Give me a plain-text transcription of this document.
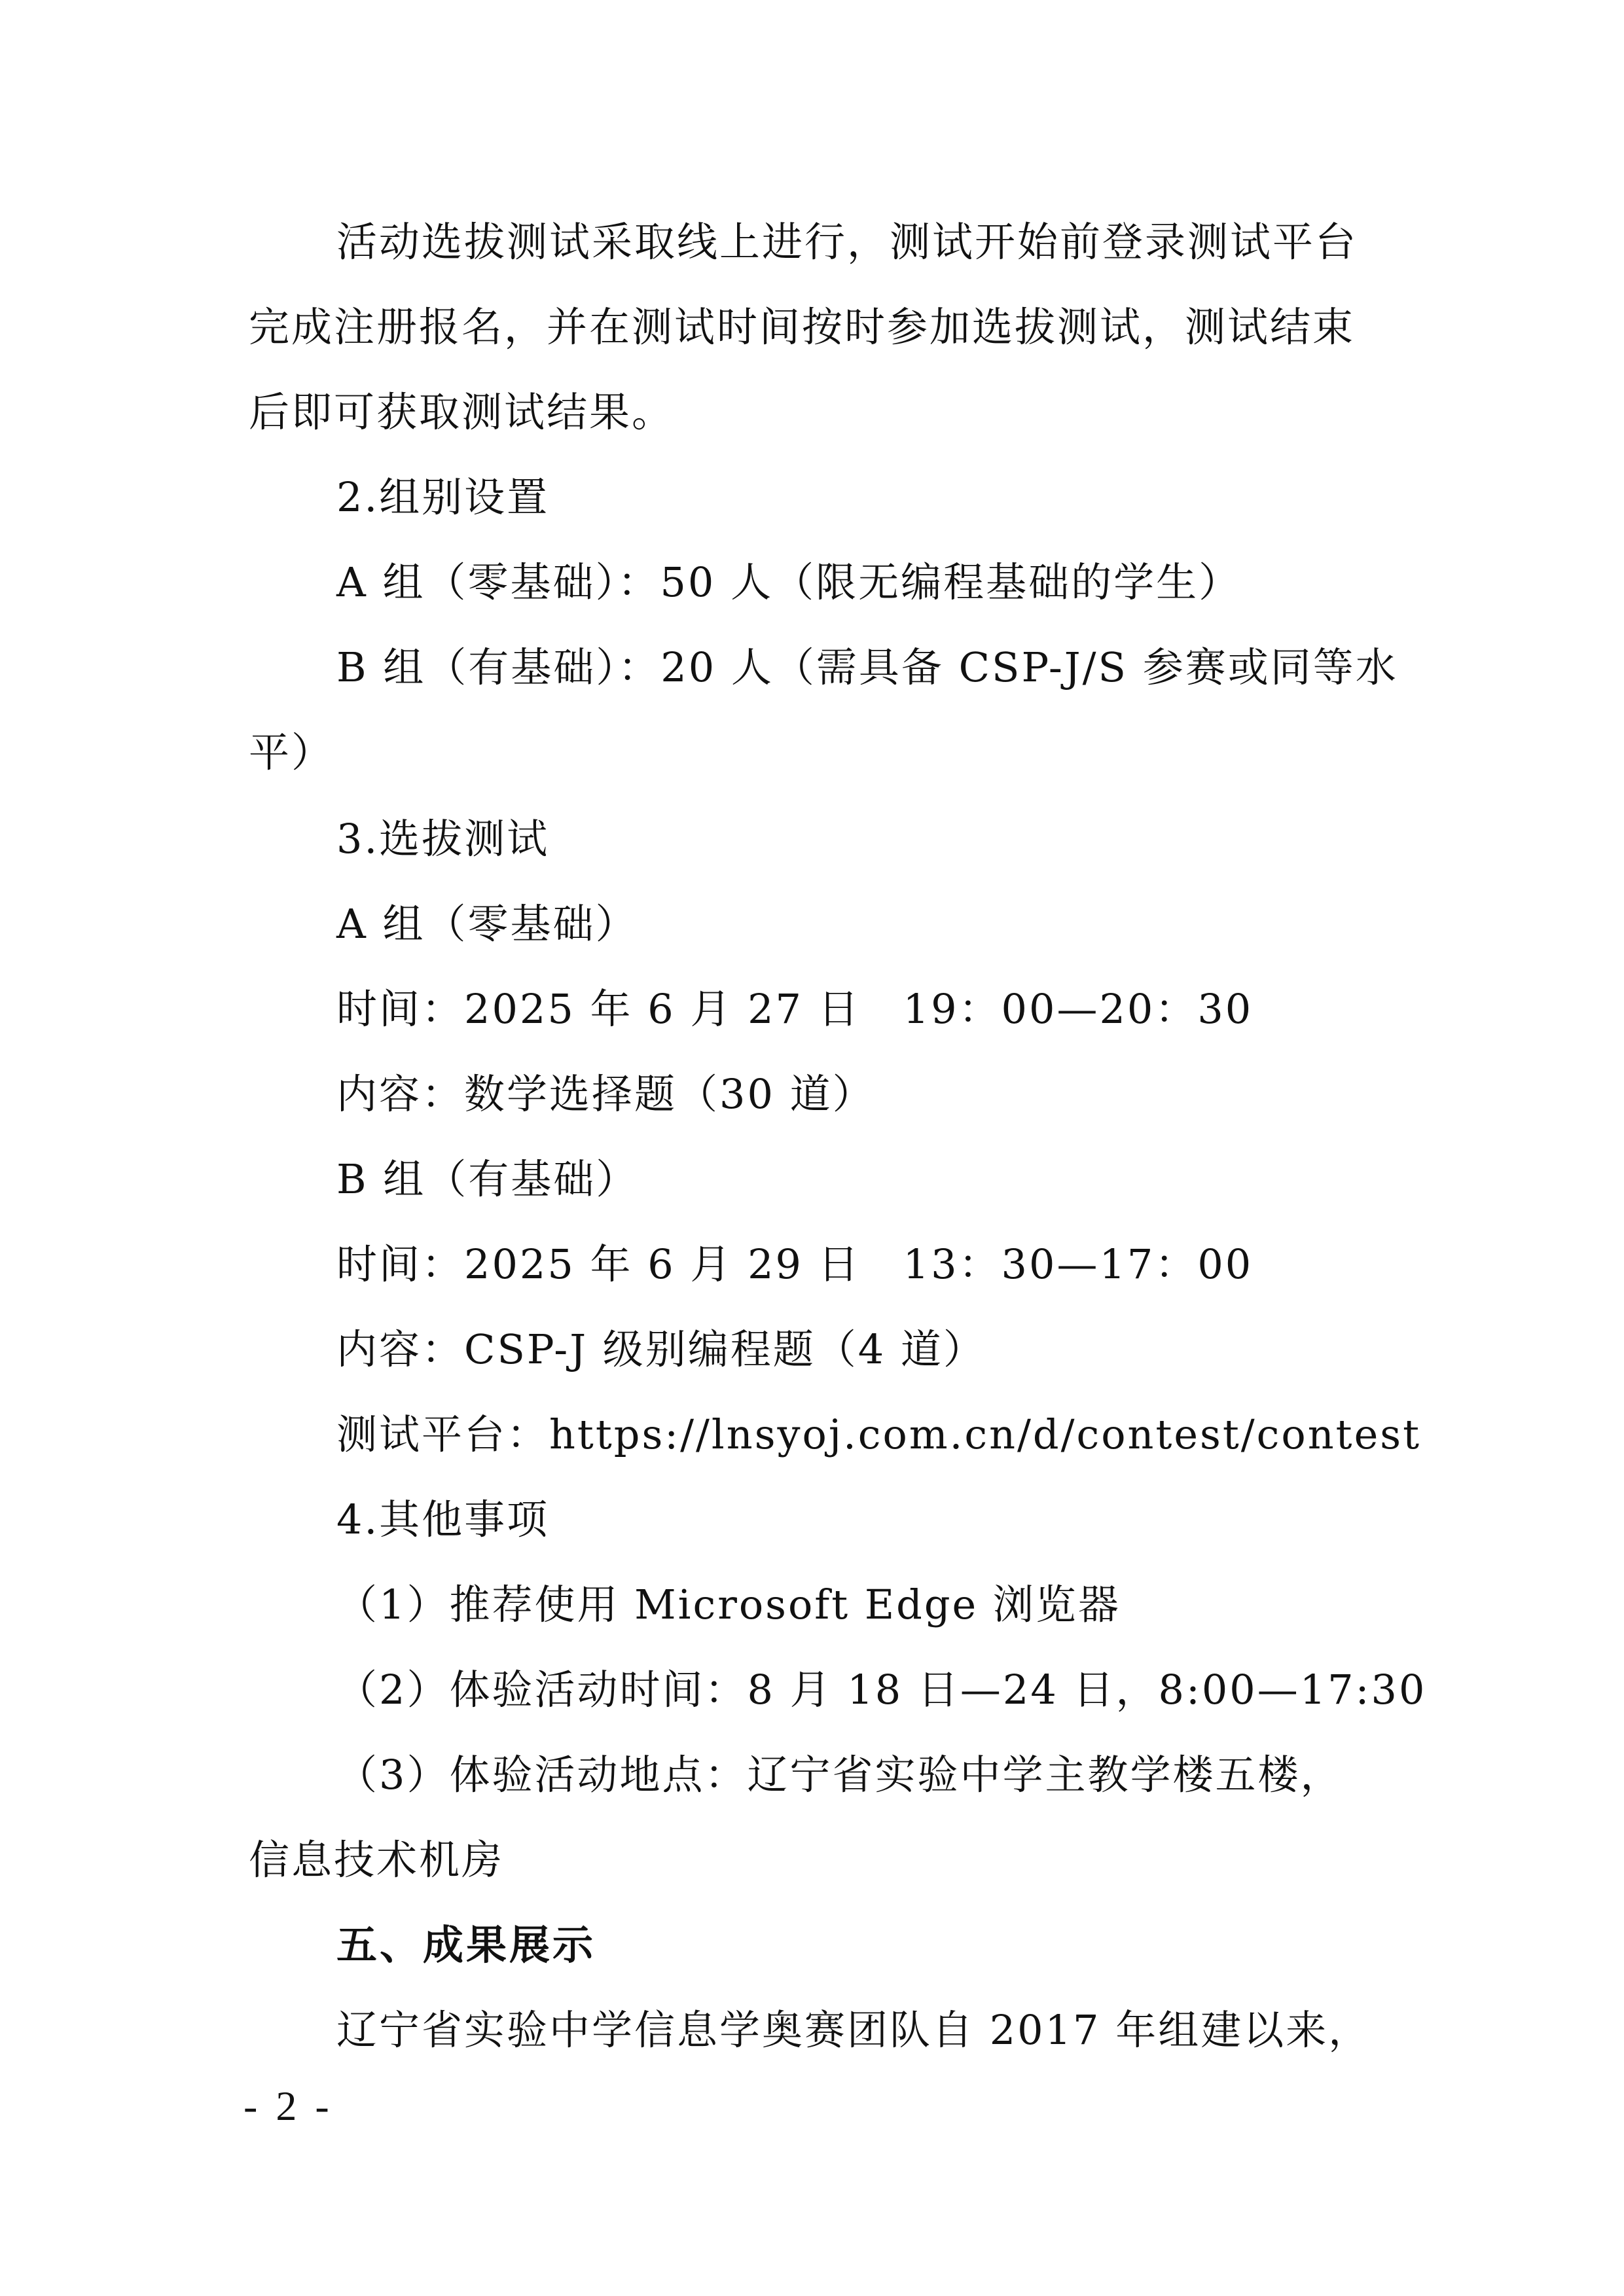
活动选拔测试采取线上进行，测试开始前登录测试平台
完成注册报名，并在测试时间按时参加选拔测试，测试结束
后即可获取测试结果。
2.组别设置
A 组（零基础）：50 人（限无编程基础的学生）
B 组（有基础）：20 人（需具备 CSP-J/S 参赛或同等水
平）
3.选拔测试
A 组（零基础）
时间：2025 年 6 月 27 日　19：00—20：30
内容：数学选择题（30 道）
B 组（有基础）
时间：2025 年 6 月 29 日　13：30—17：00
内容：CSP-J 级别编程题（4 道）
测试平台：https://lnsyoj.com.cn/d/contest/contest
4.其他事项
（1）推荐使用 Microsoft Edge 浏览器
（2）体验活动时间：8 月 18 日—24 日，8:00—17:30
（3）体验活动地点：辽宁省实验中学主教学楼五楼，
信息技术机房
五、成果展示
辽宁省实验中学信息学奥赛团队自 2017 年组建以来，
- 2 -
